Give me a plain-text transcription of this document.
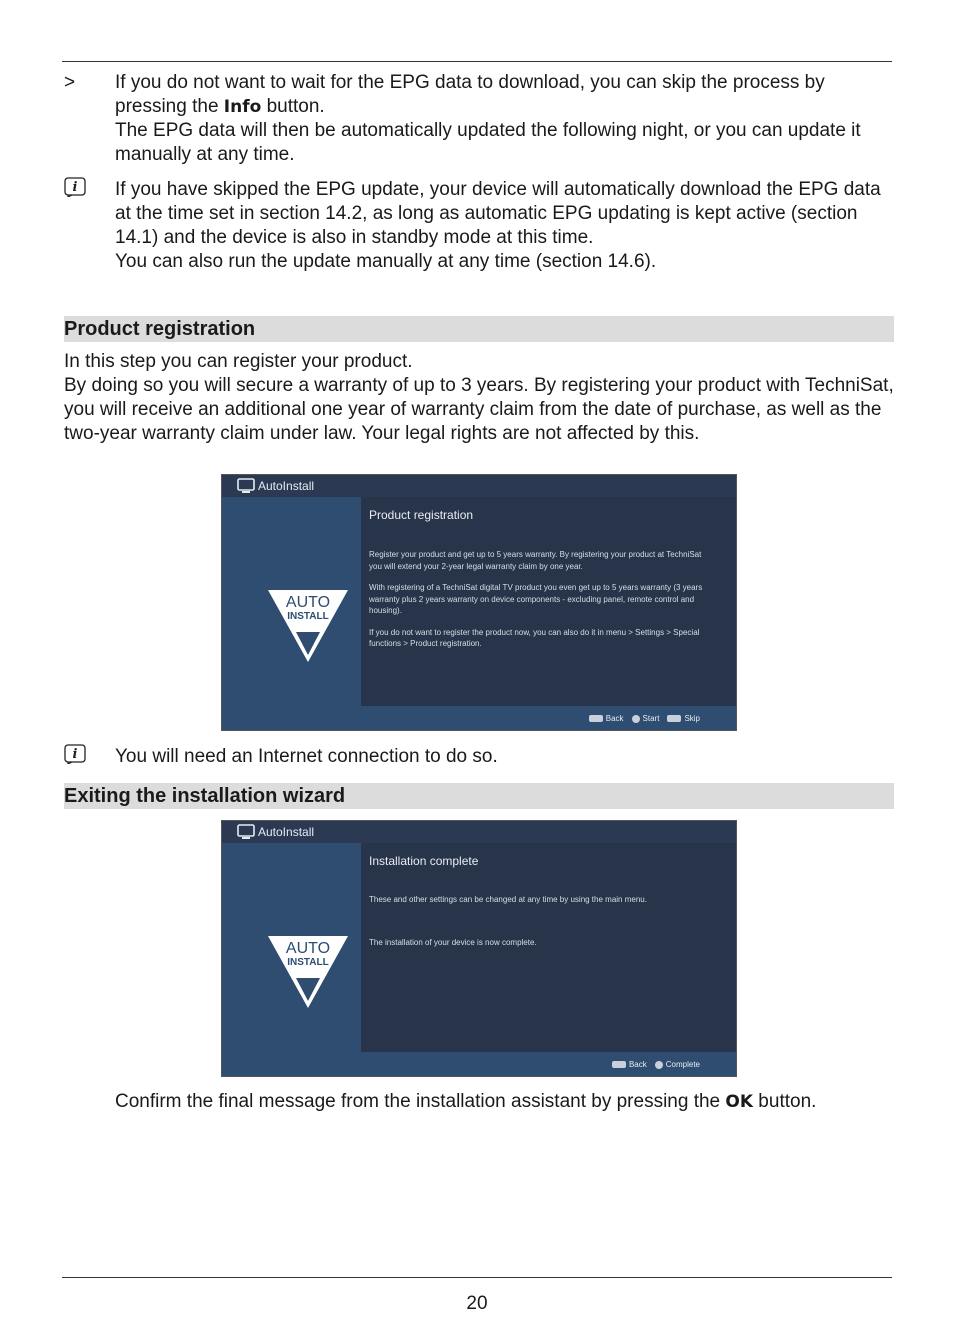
> If you do not want to wait for the EPG data to download, you can skip the process by pressing the Info button.

The EPG data will then be automatically updated the following night, or you can update it manually at any time.

i If you have skipped the EPG update, your device will automatically download the EPG data at the time set in section 14.2, as long as automatic EPG updating is kept active (section 14.1) and the device is also in standby mode at this time.

You can also run the update manually at any time (section 14.6).

Product registration

In this step you can register your product.

By doing so you will secure a warranty of up to 3 years. By registering your product with TechniSat, you will receive an additional one year of warranty claim from the date of purchase, as well as the two-year warranty claim under law. Your legal rights are not affected by this.

AutoInstall
AUTO
INSTALL
Product registration

Register your product and get up to 5 years warranty. By registering your product at TechniSat you will extend your 2-year legal warranty claim by one year.

With registering of a TechniSat digital TV product you even get up to 5 years warranty (3 years warranty plus 2 years warranty on device components - excluding panel, remote control and housing).

If you do not want to register the product now, you can also do it in menu > Settings > Special functions > Product registration.

Back	Start	Skip
i You will need an Internet connection to do so.
Exiting the installation wizard
AutoInstall
AUTO
INSTALL
Installation complete

These and other settings can be changed at any time by using the main menu.

The installation of your device is now complete.

Back	Complete
Confirm the final message from the installation assistant by pressing the OK button.
20
